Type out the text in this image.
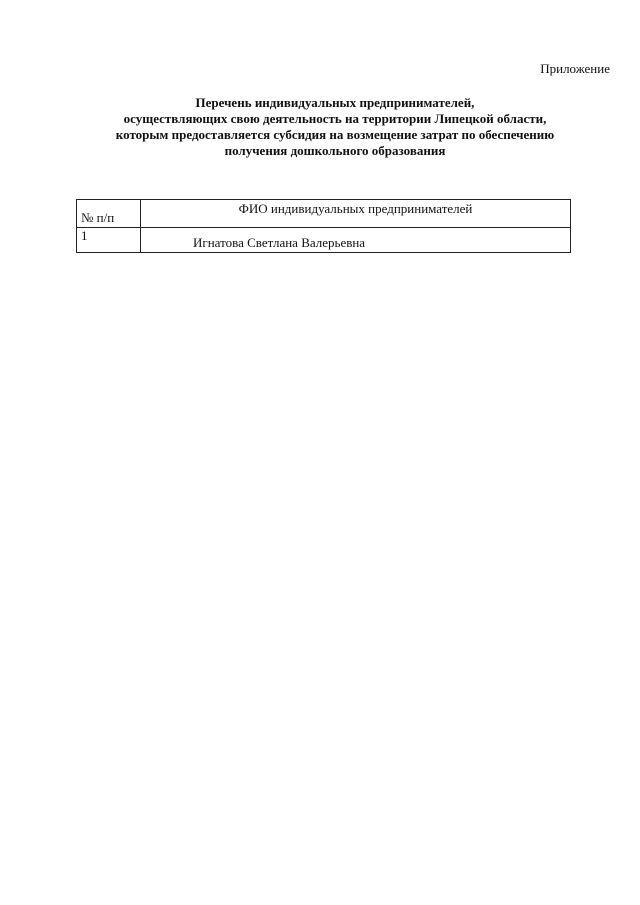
Приложение
Перечень индивидуальных предпринимателей,
осуществляющих свою деятельность на территории Липецкой области,
которым предоставляется субсидия на возмещение затрат по обеспечению
получения дошкольного образования
№ п/п	ФИО индивидуальных предпринимателей
1	Игнатова Светлана Валерьевна
